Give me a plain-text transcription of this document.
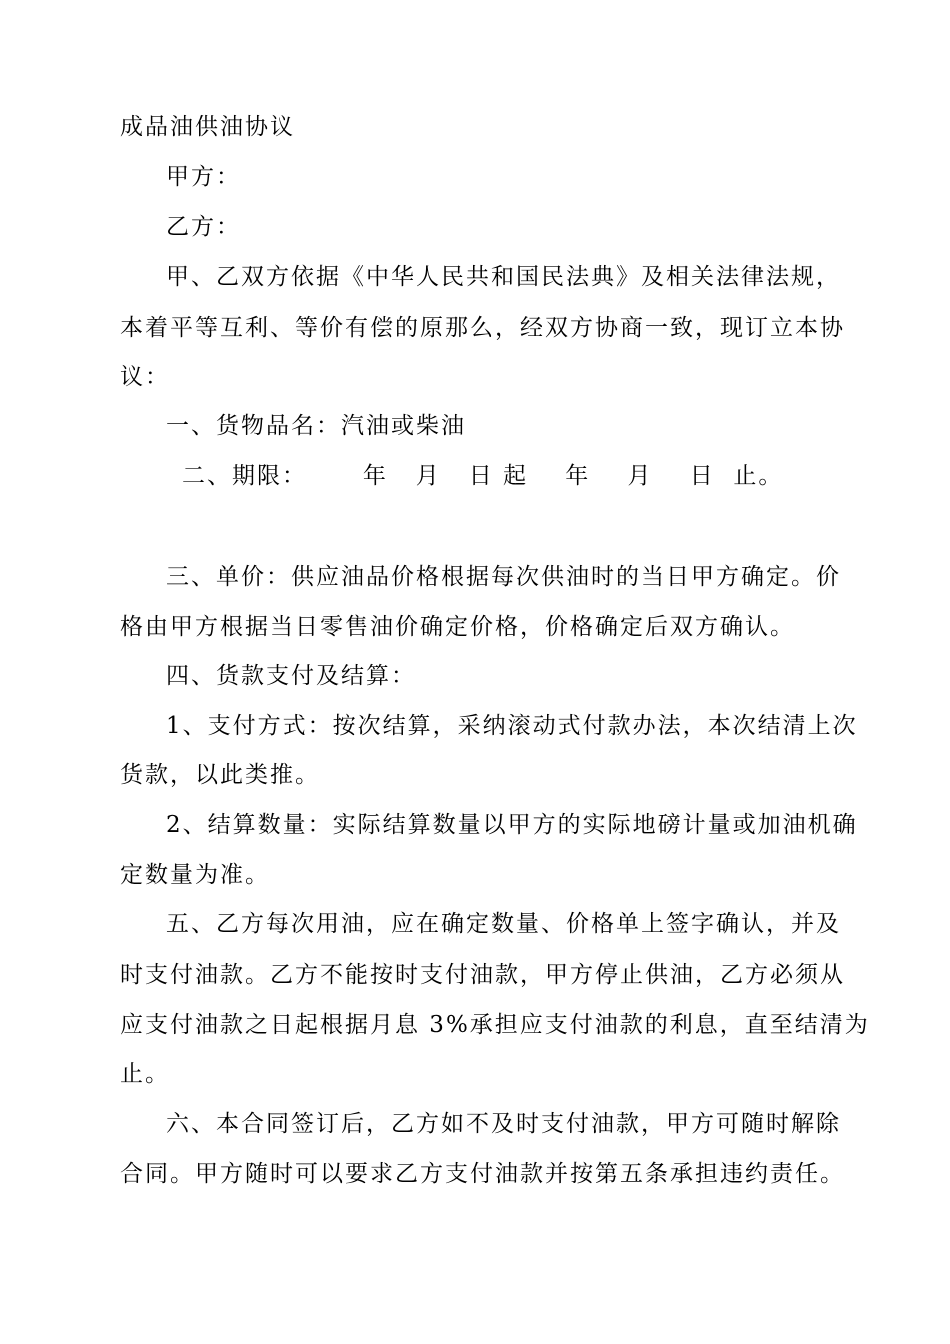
成品油供油协议
甲方：
乙方：
甲、乙双方依据《中华人民共和国民法典》及相关法律法规，
本着平等互利、等价有偿的原那么，经双方协商一致，现订立本协
议：
一、货物品名：汽油或柴油
二、期限：      年   月   日 起    年    月    日  止。
三、单价：供应油品价格根据每次供油时的当日甲方确定。价
格由甲方根据当日零售油价确定价格，价格确定后双方确认。
四、货款支付及结算：
1、支付方式：按次结算，采纳滚动式付款办法，本次结清上次
货款，以此类推。
2、结算数量：实际结算数量以甲方的实际地磅计量或加油机确
定数量为准。
五、乙方每次用油，应在确定数量、价格单上签字确认，并及
时支付油款。乙方不能按时支付油款，甲方停止供油，乙方必须从
应支付油款之日起根据月息 3%承担应支付油款的利息，直至结清为
止。
六、本合同签订后，乙方如不及时支付油款，甲方可随时解除
合同。甲方随时可以要求乙方支付油款并按第五条承担违约责任。
